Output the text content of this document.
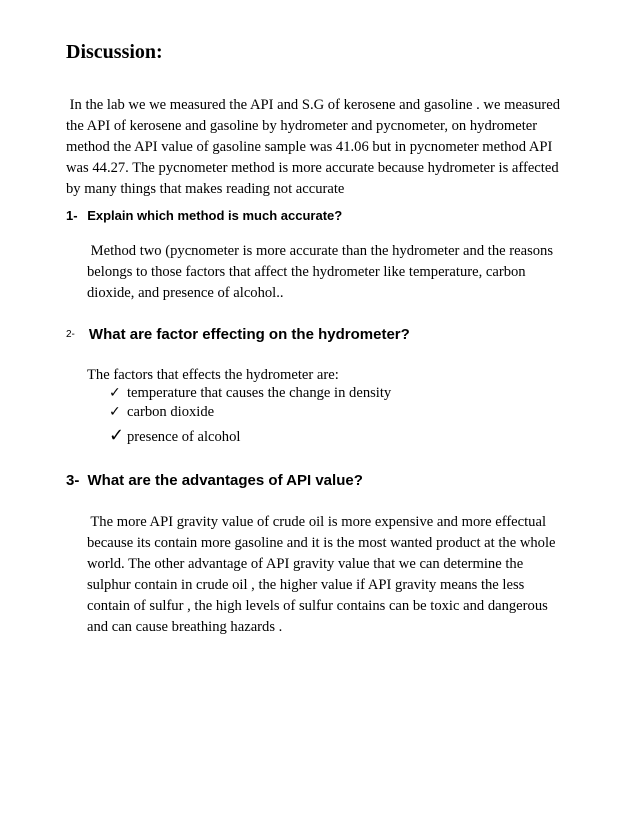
Discussion:
In the lab we we measured the API and S.G of kerosene and gasoline . we measured
the API of kerosene and gasoline by hydrometer and pycnometer, on hydrometer
method the API value of gasoline sample was 41.06 but in pycnometer method API
was 44.27. The pycnometer method is more accurate because hydrometer is affected
by many things that makes reading not accurate
1- Explain which method is much accurate?
Method two (pycnometer is more accurate than the hydrometer and the reasons
belongs to those factors that affect the hydrometer like temperature, carbon
dioxide, and presence of alcohol..
2- What are factor effecting on the hydrometer?
The factors that effects the hydrometer are:
✓ temperature that causes the change in density
✓ carbon dioxide
✓ presence of alcohol
3- What are the advantages of API value?
The more API gravity value of crude oil is more expensive and more effectual
because its contain more gasoline and it is the most wanted product at the whole
world. The other advantage of API gravity value that we can determine the
sulphur contain in crude oil , the higher value if API gravity means the less
contain of sulfur , the high levels of sulfur contains can be toxic and dangerous
and can cause breathing hazards .
